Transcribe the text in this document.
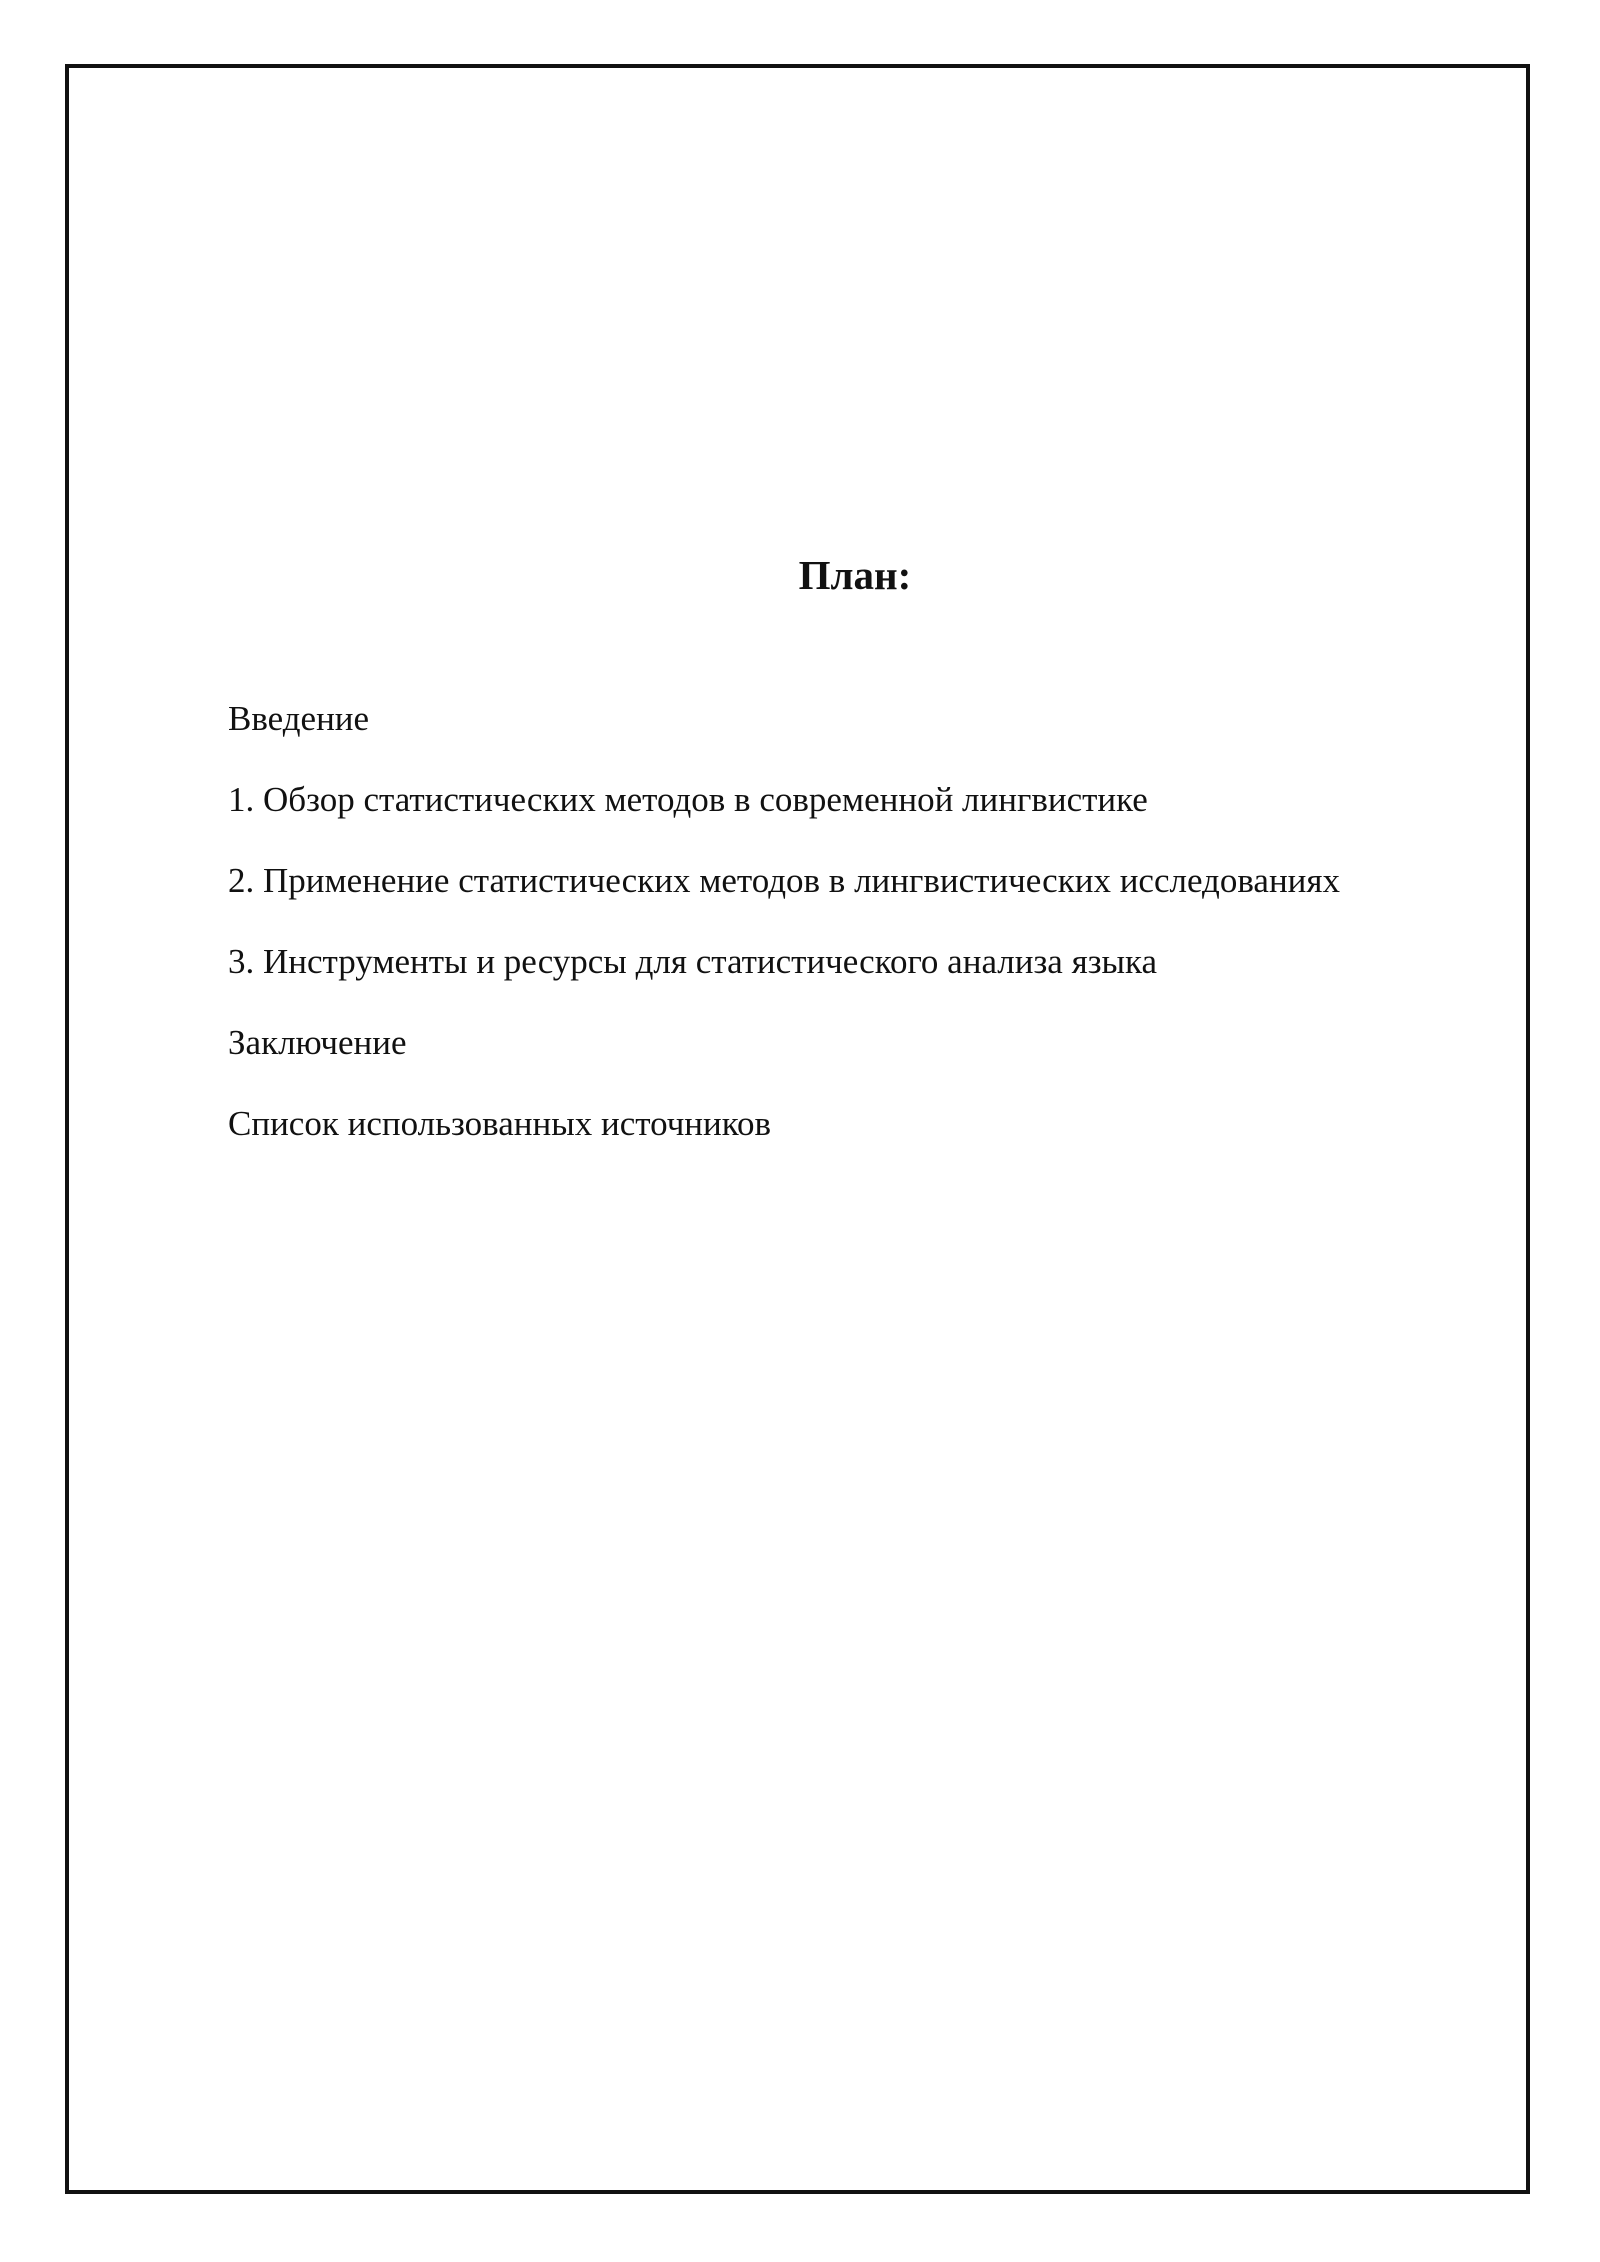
План:
Введение
1. Обзор статистических методов в современной лингвистике
2. Применение статистических методов в лингвистических исследованиях
3. Инструменты и ресурсы для статистического анализа языка
Заключение
Список использованных источников
